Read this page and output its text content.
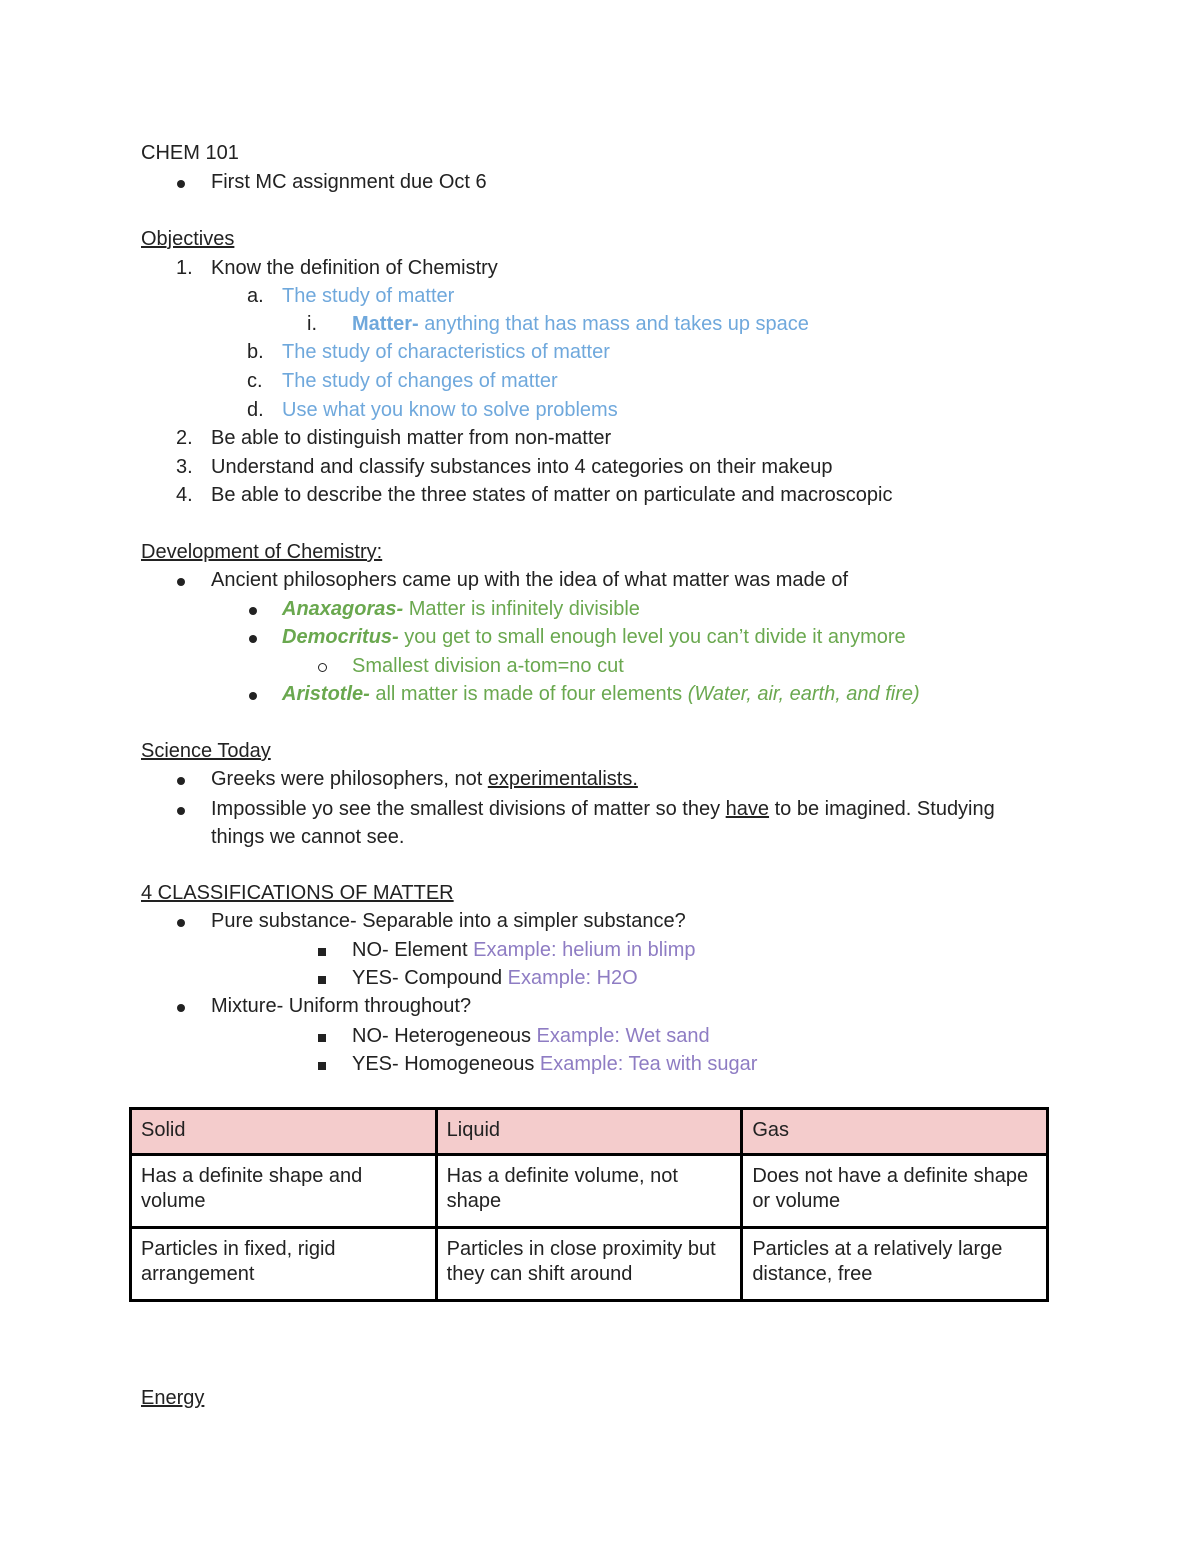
CHEM 101
First MC assignment due Oct 6
Objectives
1. Know the definition of Chemistry
a. The study of matter
i. Matter- anything that has mass and takes up space
b. The study of characteristics of matter
c. The study of changes of matter
d. Use what you know to solve problems
2. Be able to distinguish matter from non-matter
3. Understand and classify substances into 4 categories on their makeup
4. Be able to describe the three states of matter on particulate and macroscopic
Development of Chemistry:
Ancient philosophers came up with the idea of what matter was made of
Anaxagoras- Matter is infinitely divisible
Democritus- you get to small enough level you can’t divide it anymore
Smallest division a-tom=no cut
Aristotle- all matter is made of four elements (Water, air, earth, and fire)
Science Today
Greeks were philosophers, not experimentalists.
Impossible yo see the smallest divisions of matter so they have to be imagined. Studying
things we cannot see.
4 CLASSIFICATIONS OF MATTER
Pure substance- Separable into a simpler substance?
NO- Element Example: helium in blimp
YES- Compound Example: H2O
Mixture- Uniform throughout?
NO- Heterogeneous Example: Wet sand
YES- Homogeneous Example: Tea with sugar
Solid	Liquid	Gas
Has a definite shape and volume	Has a definite volume, not shape	Does not have a definite shape or volume
Particles in fixed, rigid arrangement	Particles in close proximity but they can shift around	Particles at a relatively large distance, free
Energy
